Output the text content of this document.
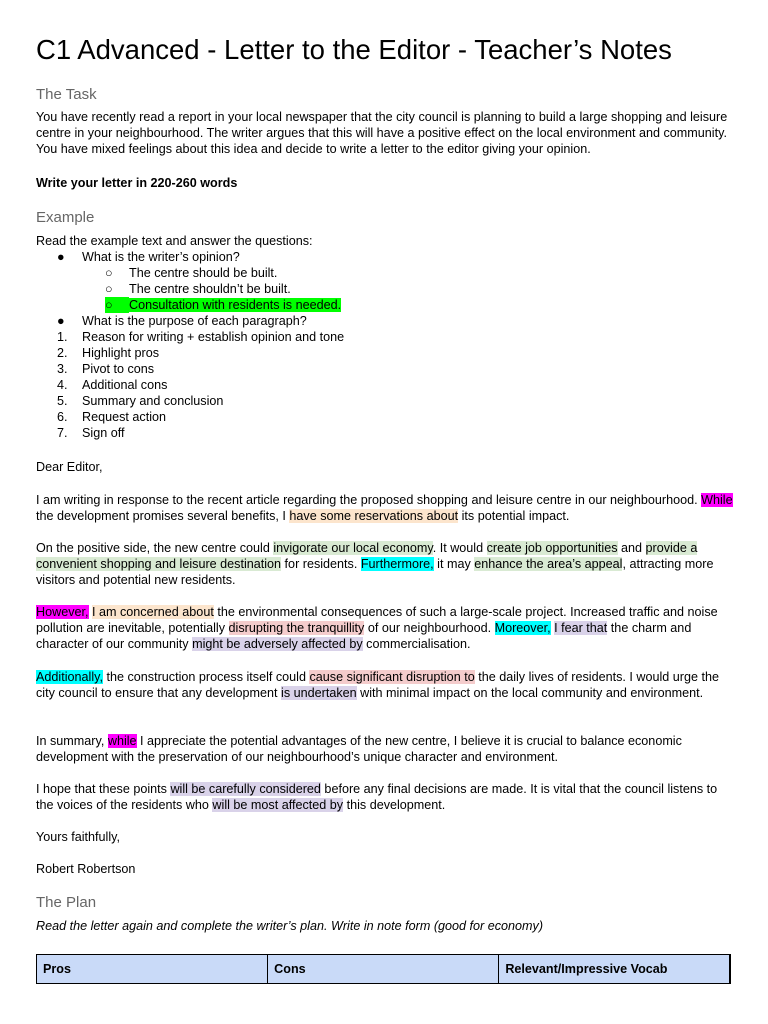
C1 Advanced - Letter to the Editor - Teacher’s Notes
The Task

You have recently read a report in your local newspaper that the city council is planning to build a large shopping and leisure centre in your neighbourhood. The writer argues that this will have a positive effect on the local environment and community. You have mixed feelings about this idea and decide to write a letter to the editor giving your opinion.

Write your letter in 220-260 words

Example
Read the example text and answer the questions:
● What is the writer’s opinion?
○ The centre should be built.
○ The centre shouldn’t be built.
○ Consultation with residents is needed.
● What is the purpose of each paragraph?
1. Reason for writing + establish opinion and tone
2. Highlight pros
3. Pivot to cons
4. Additional cons
5. Summary and conclusion
6. Request action
7. Sign off
Dear Editor,

I am writing in response to the recent article regarding the proposed shopping and leisure centre in our neighbourhood. While the development promises several benefits, I have some reservations about its potential impact.

On the positive side, the new centre could invigorate our local economy. It would create job opportunities and provide a convenient shopping and leisure destination for residents. Furthermore, it may enhance the area’s appeal, attracting more visitors and potential new residents.

However, I am concerned about the environmental consequences of such a large-scale project. Increased traffic and noise pollution are inevitable, potentially disrupting the tranquillity of our neighbourhood. Moreover, I fear that the charm and character of our community might be adversely affected by commercialisation.

Additionally, the construction process itself could cause significant disruption to the daily lives of residents. I would urge the city council to ensure that any development is undertaken with minimal impact on the local community and environment.

In summary, while I appreciate the potential advantages of the new centre, I believe it is crucial to balance economic development with the preservation of our neighbourhood’s unique character and environment.

I hope that these points will be carefully considered before any final decisions are made. It is vital that the council listens to the voices of the residents who will be most affected by this development.

Yours faithfully,
Robert Robertson
The Plan

Read the letter again and complete the writer’s plan. Write in note form (good for economy)

Pros	Cons	Relevant/Impressive Vocab
